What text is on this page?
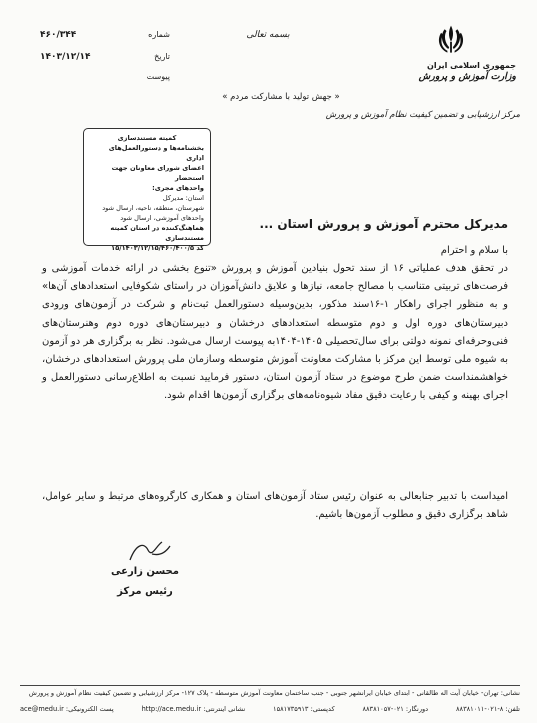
جمهوری اسلامی ایران
وزارت آموزش و پرورش
بسمه تعالی
شماره
۴۶۰/۳۴۴
تاریخ
۱۴۰۳/۱۲/۱۴
پیوست
« جهش تولید با مشارکت مردم »
مرکز ارزشیابی و تضمین کیفیت نظام آموزش و پرورش
کمیته مستندسازی
بخشنامه‌ها و دستورالعمل‌های اداری
اعضای شورای معاونان جهت استحضار
واحدهای مجری:
استان: مدیرکل
شهرستان، منطقه، ناحیه، ارسال شود
واحدهای آموزشی، ارسال شود
هماهنگ‌کننده در استان کمیته مستندسازی
کد ۱۵/۱۴۰۳/۱۲/۱۵/۴۶۰/۴۰۰/۵
مدیرکل محترم آموزش و پرورش استان ...
با سلام و احترام
در تحقق هدف عملیاتی ۱۶ از سند تحول بنیادین آموزش و پرورش «تنوع بخشی در ارائه خدمات آموزشی و فرصت‌های تربیتی متناسب با مصالح جامعه، نیازها و علایق دانش‌آموزان در راستای شکوفایی استعدادهای آن‌ها» و به منظور اجرای راهکار ۱-۱۶سند مذکور، بدین‌وسیله دستورالعمل ثبت‌نام و شرکت در آزمون‌های ورودی دبیرستان‌های دوره اول و دوم متوسطه استعدادهای درخشان و دبیرستان‌های دوره دوم وهنرستان‌های فنی‌وحرفه‌ای نمونه دولتی برای سال‌تحصیلی ۱۴۰۵-۱۴۰۴به پیوست ارسال می‌شود. نظر به برگزاری هر دو آزمون به شیوه ملی توسط این مرکز با مشارکت معاونت آموزش متوسطه وسازمان ملی پرورش استعدادهای درخشان، خواهشمنداست ضمن طرح موضوع در ستاد آزمون استان، دستور فرمایید نسبت به اطلاع‌رسانی دستورالعمل و اجرای بهینه و کیفی با رعایت دقیق مفاد شیوه‌نامه‌های برگزاری آزمون‌ها اقدام شود.
امیداست با تدبیر جنابعالی به عنوان رئیس ستاد آزمون‌های استان و همکاری کارگروه‌های مرتبط و سایر عوامل، شاهد برگزاری دقیق و مطلوب آزمون‌ها باشیم.
محسن زارعی
رئیس مرکز
نشانی: تهران- خیابان آیت اله طالقانی - ابتدای خیابان ایرانشهر جنوبی - جنب ساختمان معاونت آموزش متوسطه - پلاک ۱۲۷- مرکز ارزشیابی و تضمین کیفیت نظام آموزش و پرورش
تلفن: ۸-۰۲۱-۸۸۳۸۱۰۱۱
دورنگار: ۰۲۱-۸۸۳۸۱۰۵۷
کدپستی: ۱۵۸۱۷۳۵۹۱۳
نشانی اینترنتی: http://ace.medu.ir
پست الکترونیکی: ace@medu.ir
